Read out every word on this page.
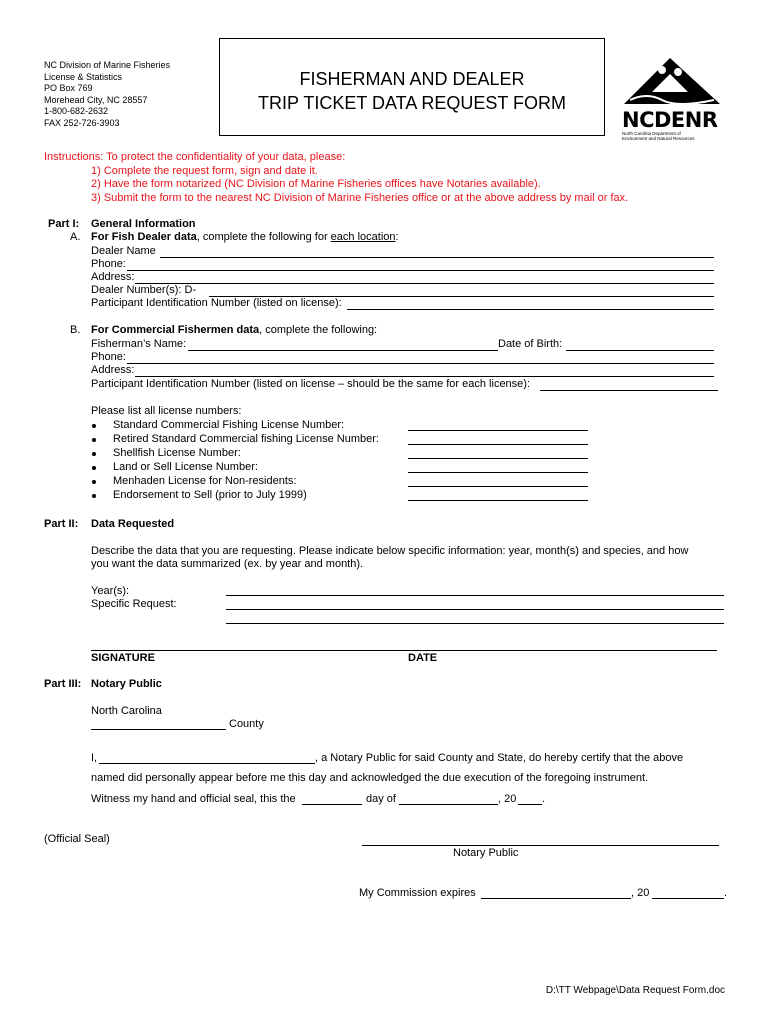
NC Division of Marine Fisheries
License & Statistics
PO Box 769
Morehead City, NC 28557
1-800-682-2632
FAX 252-726-3903
FISHERMAN AND DEALER
TRIP TICKET DATA REQUEST FORM
NCDENR
North Carolina Department of
Environment and Natural Resources
Instructions: To protect the confidentiality of your data, please:
1) Complete the request form, sign and date it.
2) Have the form notarized (NC Division of Marine Fisheries offices have Notaries available).
3) Submit the form to the nearest NC Division of Marine Fisheries office or at the above address by mail or fax.
Part I: General Information
A. For Fish Dealer data, complete the following for each location:
Dealer Name
Phone:
Address:
Dealer Number(s): D-
Participant Identification Number (listed on license):
B. For Commercial Fishermen data, complete the following:
Fisherman’s Name:	Date of Birth:
Phone:
Address:
Participant Identification Number (listed on license – should be the same for each license):
Please list all license numbers:
Standard Commercial Fishing License Number:
Retired Standard Commercial fishing License Number:
Shellfish License Number:
Land or Sell License Number:
Menhaden License for Non-residents:
Endorsement to Sell (prior to July 1999)
Part II: Data Requested
Describe the data that you are requesting. Please indicate below specific information: year, month(s) and species, and how
you want the data summarized (ex. by year and month).
Year(s):
Specific Request:
SIGNATURE	DATE
Part III: Notary Public
North Carolina
County
I,	, a Notary Public for said County and State, do hereby certify that the above
named did personally appear before me this day and acknowledged the due execution of the foregoing instrument.
Witness my hand and official seal, this the	day of	, 20 .
(Official Seal)
Notary Public
My Commission expires	, 20	.
D:\TT Webpage\Data Request Form.doc
